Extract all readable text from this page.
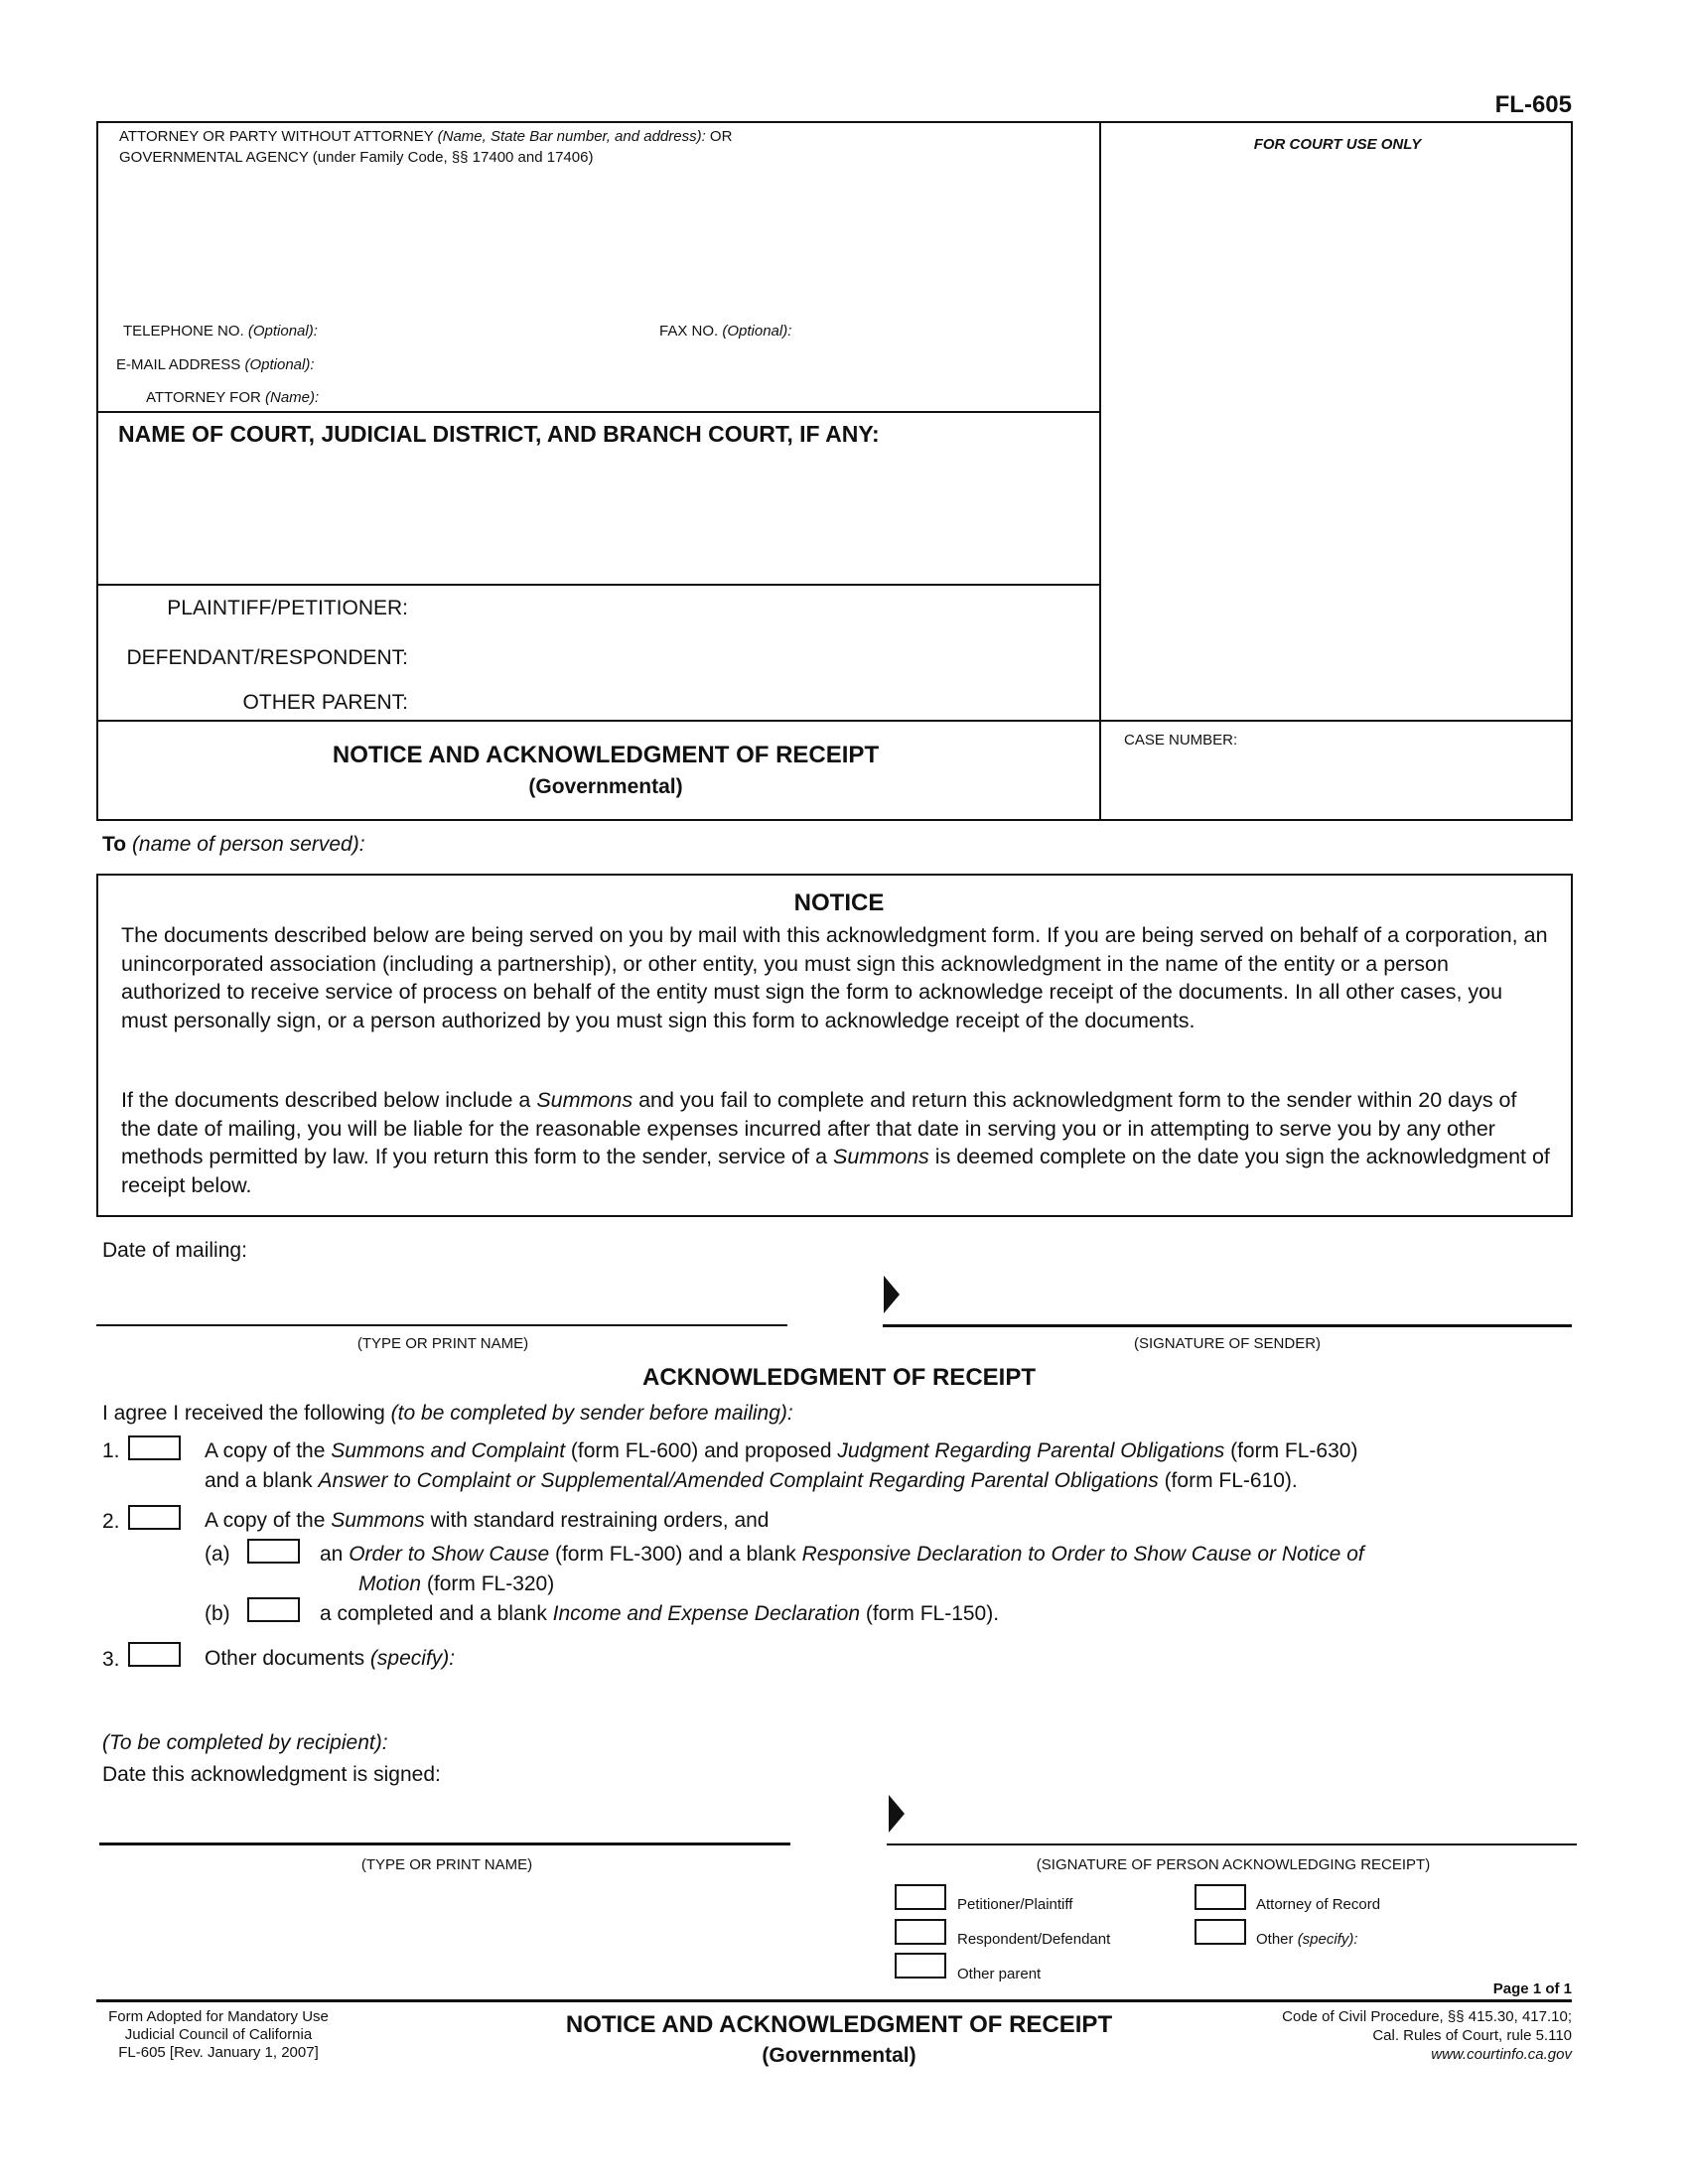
FL-605
ATTORNEY OR PARTY WITHOUT ATTORNEY (Name, State Bar number, and address): OR
GOVERNMENTAL AGENCY (under Family Code, §§ 17400 and 17406)
TELEPHONE NO. (Optional):	FAX NO. (Optional):
E-MAIL ADDRESS (Optional):
ATTORNEY FOR (Name):
FOR COURT USE ONLY
NAME OF COURT, JUDICIAL DISTRICT, AND BRANCH COURT, IF ANY:
PLAINTIFF/PETITIONER:
DEFENDANT/RESPONDENT:
OTHER PARENT:
NOTICE AND ACKNOWLEDGMENT OF RECEIPT
(Governmental)
CASE NUMBER:
To (name of person served):
NOTICE
The documents described below are being served on you by mail with this acknowledgment form. If you are being served on behalf of a corporation, an unincorporated association (including a partnership), or other entity, you must sign this acknowledgment in the name of the entity or a person authorized to receive service of process on behalf of the entity must sign the form to acknowledge receipt of the documents. In all other cases, you must personally sign, or a person authorized by you must sign this form to acknowledge receipt of the documents.
If the documents described below include a Summons and you fail to complete and return this acknowledgment form to the sender within 20 days of the date of mailing, you will be liable for the reasonable expenses incurred after that date in serving you or in attempting to serve you by any other methods permitted by law. If you return this form to the sender, service of a Summons is deemed complete on the date you sign the acknowledgment of receipt below.
Date of mailing:
(TYPE OR PRINT NAME)	(SIGNATURE OF SENDER)
ACKNOWLEDGMENT OF RECEIPT
I agree I received the following (to be completed by sender before mailing):
1.	A copy of the Summons and Complaint (form FL-600) and proposed Judgment Regarding Parental Obligations (form FL-630)
and a blank Answer to Complaint or Supplemental/Amended Complaint Regarding Parental Obligations (form FL-610).
2.	A copy of the Summons with standard restraining orders, and
(a)	an Order to Show Cause (form FL-300) and a blank Responsive Declaration to Order to Show Cause or Notice of
Motion (form FL-320)
(b)	a completed and a blank Income and Expense Declaration (form FL-150).
3.	Other documents (specify):
(To be completed by recipient):
Date this acknowledgment is signed:
(TYPE OR PRINT NAME)	(SIGNATURE OF PERSON ACKNOWLEDGING RECEIPT)
Petitioner/Plaintiff
Respondent/Defendant
Other parent
Attorney of Record
Other (specify):
Page 1 of 1
Form Adopted for Mandatory Use
Judicial Council of California
FL-605 [Rev. January 1, 2007]
NOTICE AND ACKNOWLEDGMENT OF RECEIPT
(Governmental)
Code of Civil Procedure, §§ 415.30, 417.10;
Cal. Rules of Court, rule 5.110
www.courtinfo.ca.gov
